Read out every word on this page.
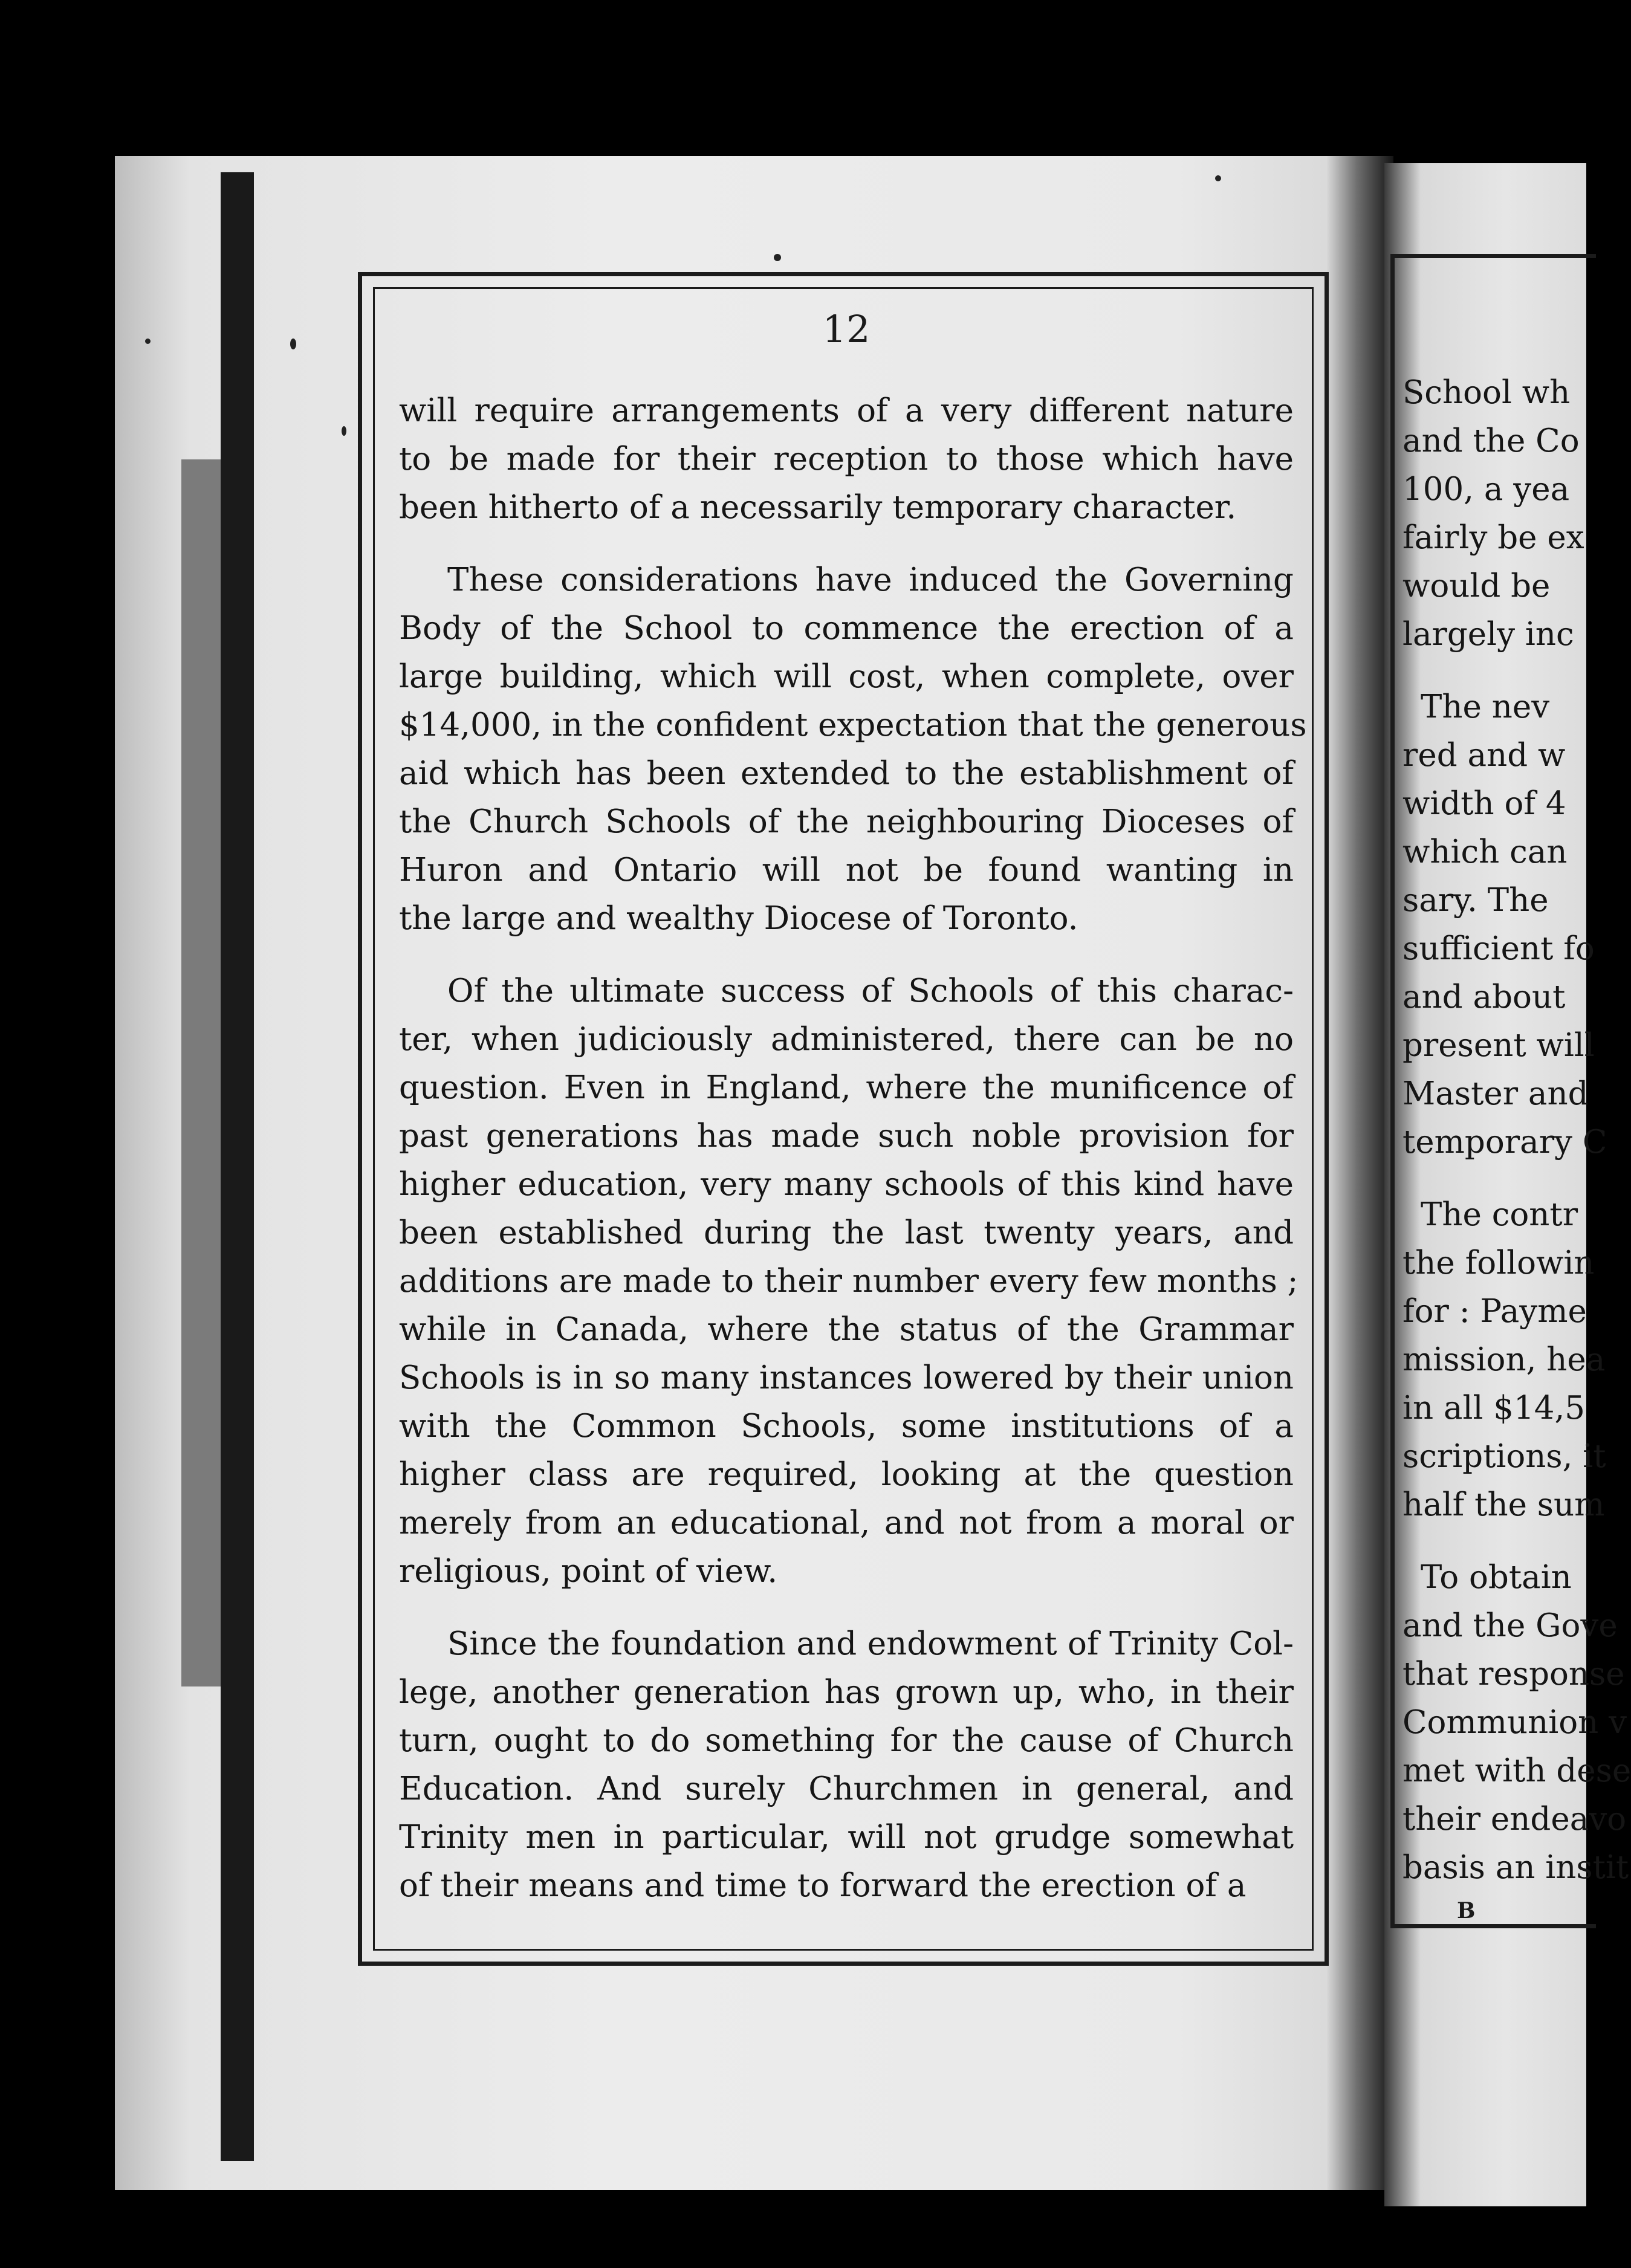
12

will require arrangements of a very different nature
to be made for their reception to those which have
been hitherto of a necessarily temporary character.

These considerations have induced the Governing
Body of the School to commence the erection of a
large building, which will cost, when complete, over
$14,000, in the confident expectation that the generous
aid which has been extended to the establishment of
the Church Schools of the neighbouring Dioceses of
Huron and Ontario will not be found wanting in
the large and wealthy Diocese of Toronto.

Of the ultimate success of Schools of this charac-
ter, when judiciously administered, there can be no
question. Even in England, where the munificence of
past generations has made such noble provision for
higher education, very many schools of this kind have
been established during the last twenty years, and
additions are made to their number every few months ;
while in Canada, where the status of the Grammar
Schools is in so many instances lowered by their union
with the Common Schools, some institutions of a
higher class are required, looking at the question
merely from an educational, and not from a moral or
religious, point of view.

Since the foundation and endowment of Trinity Col-
lege, another generation has grown up, who, in their
turn, ought to do something for the cause of Church
Education. And surely Churchmen in general, and
Trinity men in particular, will not grudge somewhat
of their means and time to forward the erection of a

School wh
and the Co
100, a yea
fairly be ex
would be
largely inc
The nev
red and w
width of 4
which can
sary. The
sufficient fo
and about
present will
Master and
temporary C
The contr
the followin
for : Payme
mission, hea
in all $14,5
scriptions, it
half the sum
To obtain
and the Gove
that response
Communion v
met with dese
their endeavo
basis an instit
B
